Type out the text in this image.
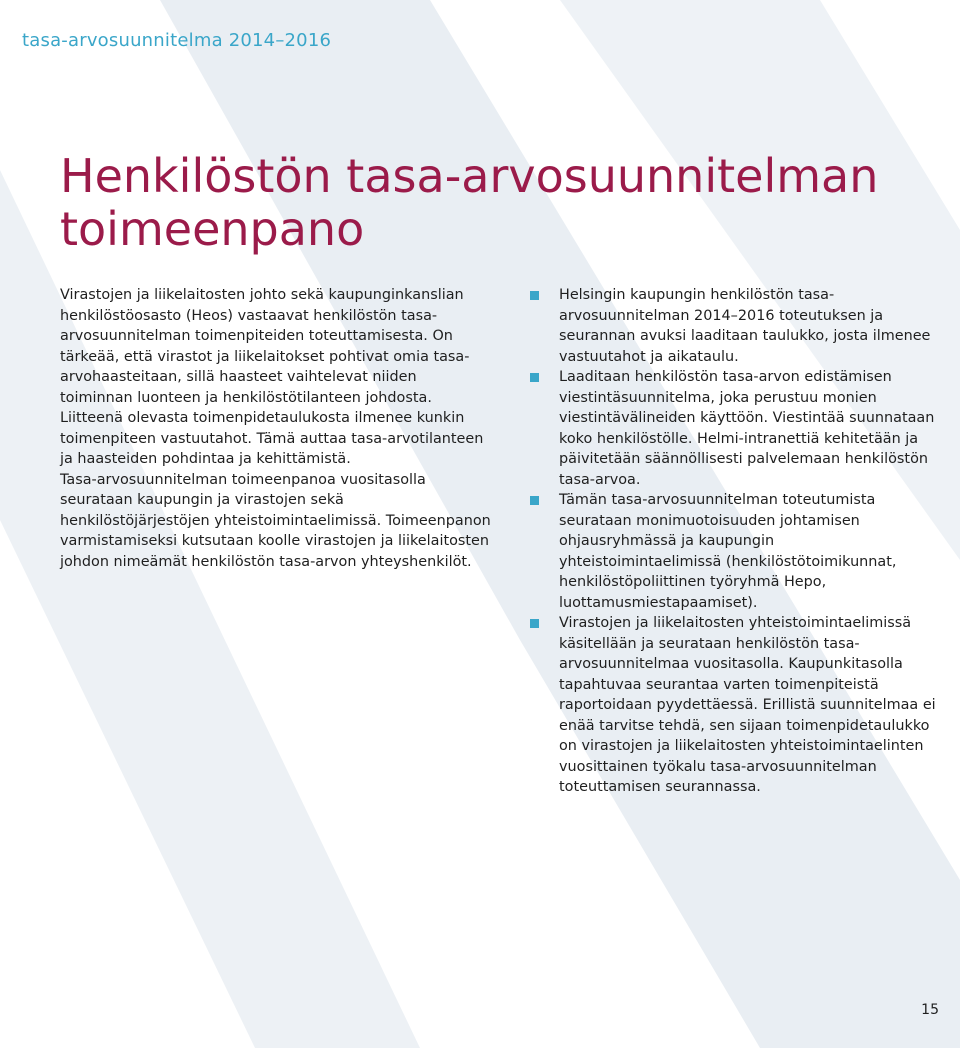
tasa-arvosuunnitelma 2014–2016
Henkilöstön tasa-arvosuunnitelman toimeenpano

Virastojen ja liikelaitosten johto sekä kaupunginkanslian henkilöstöosasto (Heos) vastaavat henkilöstön tasa-arvosuunnitelman toimenpiteiden toteuttamisesta. On tärkeää, että virastot ja liikelaitokset pohtivat omia tasa-arvohaasteitaan, sillä haasteet vaihtelevat niiden toiminnan luonteen ja henkilöstötilanteen johdosta. Liitteenä olevasta toimenpidetaulukosta ilmenee kunkin toimenpiteen vastuutahot. Tämä auttaa tasa-arvotilanteen ja haasteiden pohdintaa ja kehittämistä.

Tasa-arvosuunnitelman toimeenpanoa vuositasolla seurataan kaupungin ja virastojen sekä henkilöstöjärjestöjen yhteistoimintaelimissä. Toimeenpanon varmistamiseksi kutsutaan koolle virastojen ja liikelaitosten johdon nimeämät henkilöstön tasa-arvon yhteyshenkilöt.

Helsingin kaupungin henkilöstön tasa-arvosuunnitelman 2014–2016 toteutuksen ja seurannan avuksi laaditaan taulukko, josta ilmenee vastuutahot ja aikataulu.
Laaditaan henkilöstön tasa-arvon edistämisen viestintäsuunnitelma, joka perustuu monien viestintävälineiden käyttöön. Viestintää suunnataan koko henkilöstölle. Helmi-intranettiä kehitetään ja päivitetään säännöllisesti palvelemaan henkilöstön tasa-arvoa.
Tämän tasa-arvosuunnitelman toteutumista seurataan monimuotoisuuden johtamisen ohjausryhmässä ja kaupungin yhteistoimintaelimissä (henkilöstötoimikunnat, henkilöstöpoliittinen työryhmä Hepo, luottamusmiestapaamiset).
Virastojen ja liikelaitosten yhteistoimintaelimissä käsitellään ja seurataan henkilöstön tasa-arvosuunnitelmaa vuositasolla. Kaupunkitasolla tapahtuvaa seurantaa varten toimenpiteistä raportoidaan pyydettäessä. Erillistä suunnitelmaa ei enää tarvitse tehdä, sen sijaan toimenpidetaulukko on virastojen ja liikelaitosten yhteistoimintaelinten vuosittainen työkalu tasa-arvosuunnitelman toteuttamisen seurannassa.
15
